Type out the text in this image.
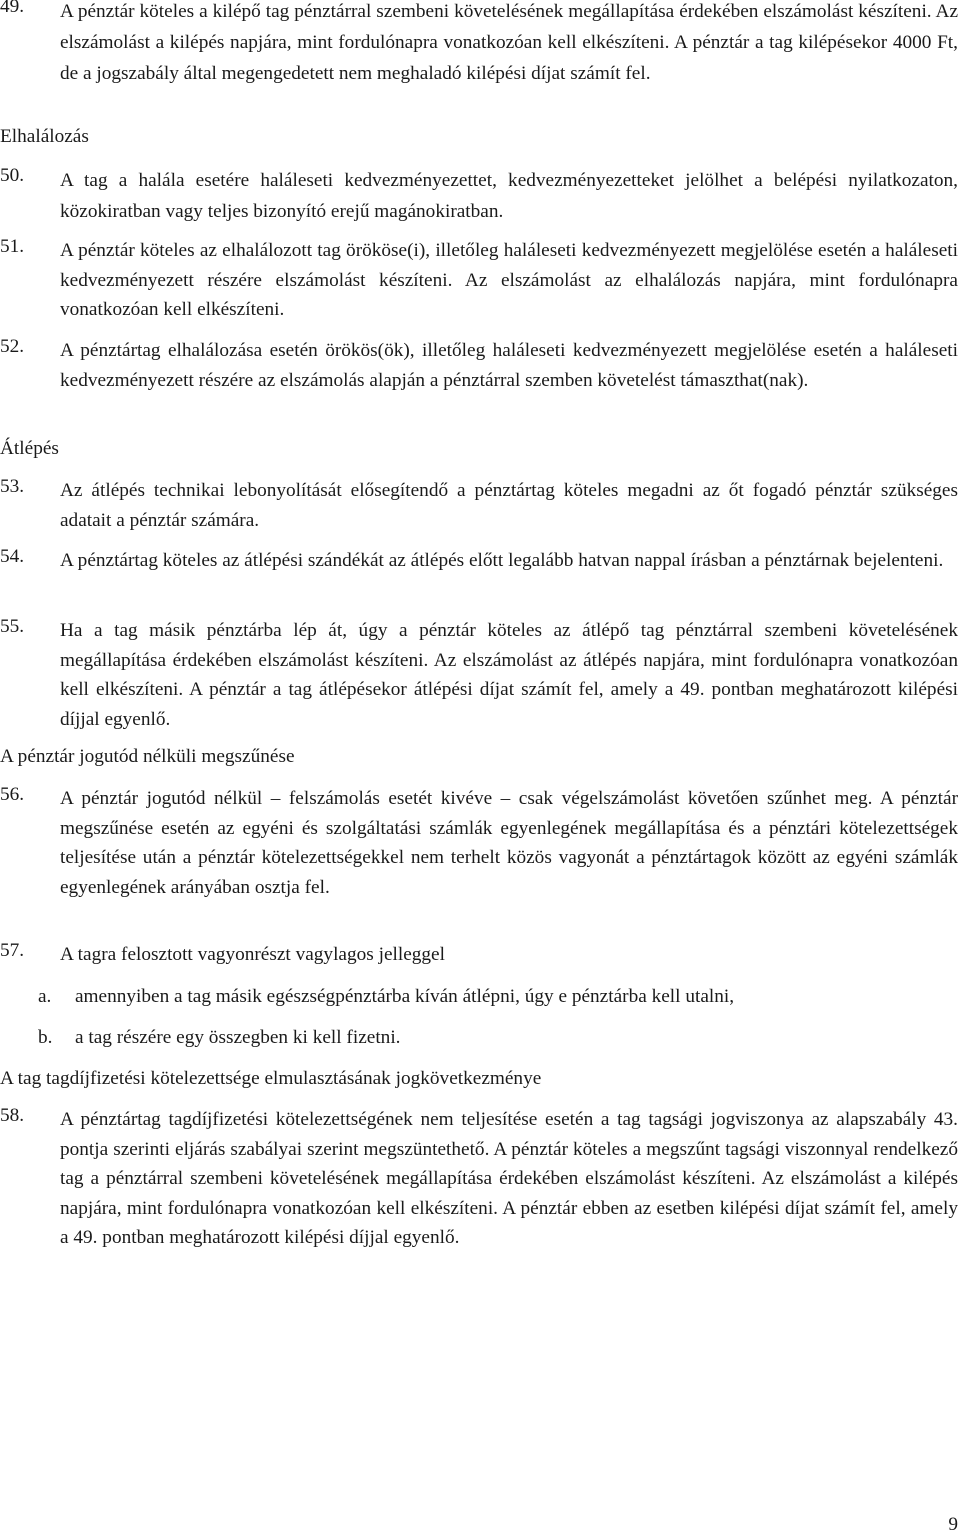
49. A pénztár köteles a kilépő tag pénztárral szembeni követelésének megállapítása érdekében elszámolást készíteni. Az elszámolást a kilépés napjára, mint fordulónapra vonatkozóan kell elkészíteni. A pénztár a tag kilépésekor 4000 Ft, de a jogszabály által megengedetett nem meghaladó kilépési díjat számít fel.
Elhalálozás
50. A tag a halála esetére haláleseti kedvezményezettet, kedvezményezetteket jelölhet a belépési nyilatkozaton, közokiratban vagy teljes bizonyító erejű magánokiratban.
51. A pénztár köteles az elhalálozott tag örököse(i), illetőleg haláleseti kedvezményezett megjelölése esetén a haláleseti kedvezményezett részére elszámolást készíteni. Az elszámolást az elhalálozás napjára, mint fordulónapra vonatkozóan kell elkészíteni.
52. A pénztártag elhalálozása esetén örökös(ök), illetőleg haláleseti kedvezményezett megjelölése esetén a haláleseti kedvezményezett részére az elszámolás alapján a pénztárral szemben követelést támaszthat(nak).
Átlépés
53. Az átlépés technikai lebonyolítását elősegítendő a pénztártag köteles megadni az őt fogadó pénztár szükséges adatait a pénztár számára.
54. A pénztártag köteles az átlépési szándékát az átlépés előtt legalább hatvan nappal írásban a pénztárnak bejelenteni.
55. Ha a tag másik pénztárba lép át, úgy a pénztár köteles az átlépő tag pénztárral szembeni követelésének megállapítása érdekében elszámolást készíteni. Az elszámolást az átlépés napjára, mint fordulónapra vonatkozóan kell elkészíteni. A pénztár a tag átlépésekor átlépési díjat számít fel, amely a 49. pontban meghatározott kilépési díjjal egyenlő.
A pénztár jogutód nélküli megszűnése
56. A pénztár jogutód nélkül – felszámolás esetét kivéve – csak végelszámolást követően szűnhet meg. A pénztár megszűnése esetén az egyéni és szolgáltatási számlák egyenlegének megállapítása és a pénztári kötelezettségek teljesítése után a pénztár kötelezettségekkel nem terhelt közös vagyonát a pénztártagok között az egyéni számlák egyenlegének arányában osztja fel.
57. A tagra felosztott vagyonrészt vagylagos jelleggel
a. amennyiben a tag másik egészségpénztárba kíván átlépni, úgy e pénztárba kell utalni,
b. a tag részére egy összegben ki kell fizetni.
A tag tagdíjfizetési kötelezettsége elmulasztásának jogkövetkezménye
58. A pénztártag tagdíjfizetési kötelezettségének nem teljesítése esetén a tag tagsági jogviszonya az alapszabály 43. pontja szerinti eljárás szabályai szerint megszüntethető. A pénztár köteles a megszűnt tagsági viszonnyal rendelkező tag a pénztárral szembeni követelésének megállapítása érdekében elszámolást készíteni. Az elszámolást a kilépés napjára, mint fordulónapra vonatkozóan kell elkészíteni. A pénztár ebben az esetben kilépési díjat számít fel, amely a 49. pontban meghatározott kilépési díjjal egyenlő.
9
